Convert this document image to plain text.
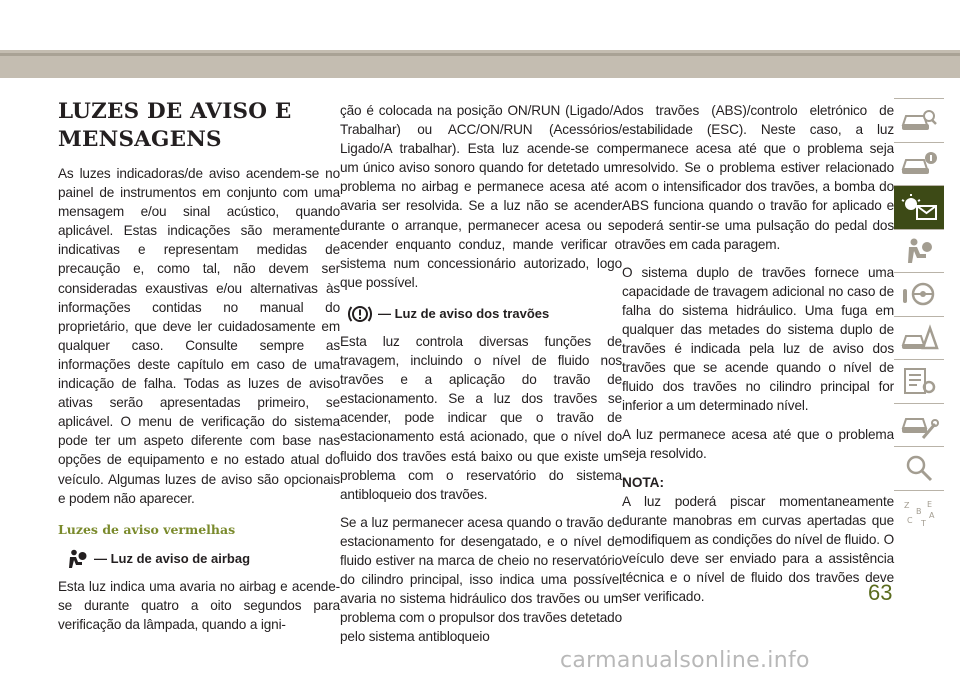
LUZES DE AVISO E
MENSAGENS

As luzes indicadoras/de aviso acendem-se no painel de instrumentos em conjunto com uma mensagem e/ou sinal acústico, quando aplicável. Estas indicações são meramente indicativas e representam medidas de precaução e, como tal, não devem ser consideradas exaustivas e/ou alternativas às informações contidas no manual do proprietário, que deve ler cuidadosamente em qualquer caso. Consulte sempre as informações deste capítulo em caso de uma indicação de falha. Todas as luzes de aviso ativas serão apresentadas primeiro, se aplicável. O menu de verificação do sistema pode ter um aspeto diferente com base nas opções de equipamento e no estado atual do veículo. Algumas luzes de aviso são opcionais e podem não aparecer.

Luzes de aviso vermelhas
— Luz de aviso de airbag

Esta luz indica uma avaria no airbag e acende-se durante quatro a oito segundos para verificação da lâmpada, quando a igni-

ção é colocada na posição ON/RUN (Ligado/A Trabalhar) ou ACC/ON/RUN (Acessórios/ Ligado/A trabalhar). Esta luz acende-se com um único aviso sonoro quando for detetado um problema no airbag e permanece acesa até a avaria ser resolvida. Se a luz não se acender durante o arranque, permanecer acesa ou se acender enquanto conduz, mande verificar o sistema num concessionário autorizado, logo que possível.

— Luz de aviso dos travões

Esta luz controla diversas funções de travagem, incluindo o nível de fluido nos travões e a aplicação do travão de estacionamento. Se a luz dos travões se acender, pode indicar que o travão de estacionamento está acionado, que o nível do fluido dos travões está baixo ou que existe um problema com o reservatório do sistema antibloqueio dos travões.

Se a luz permanecer acesa quando o travão de estacionamento for desengatado, e o nível de fluido estiver na marca de cheio no reservatório do cilindro principal, isso indica uma possível avaria no sistema hidráulico dos travões ou um problema com o propulsor dos travões detetado pelo sistema antibloqueio

dos travões (ABS)/controlo eletrónico de estabilidade (ESC). Neste caso, a luz permanece acesa até que o problema seja resolvido. Se o problema estiver relacionado com o intensificador dos travões, a bomba do ABS funciona quando o travão for aplicado e poderá sentir-se uma pulsação do pedal dos travões em cada paragem.

O sistema duplo de travões fornece uma capacidade de travagem adicional no caso de falha do sistema hidráulico. Uma fuga em qualquer das metades do sistema duplo de travões é indicada pela luz de aviso dos travões que se acende quando o nível de fluido dos travões no cilindro principal for inferior a um determinado nível.

A luz permanece acesa até que o problema seja resolvido.

NOTA:

A luz poderá piscar momentaneamente durante manobras em curvas apertadas que modifiquem as condições do nível de fluido. O veículo deve ser enviado para a assistência técnica e o nível de fluido dos travões deve ser verificado.

Z E
B A
C T
63
carmanualsonline.info
